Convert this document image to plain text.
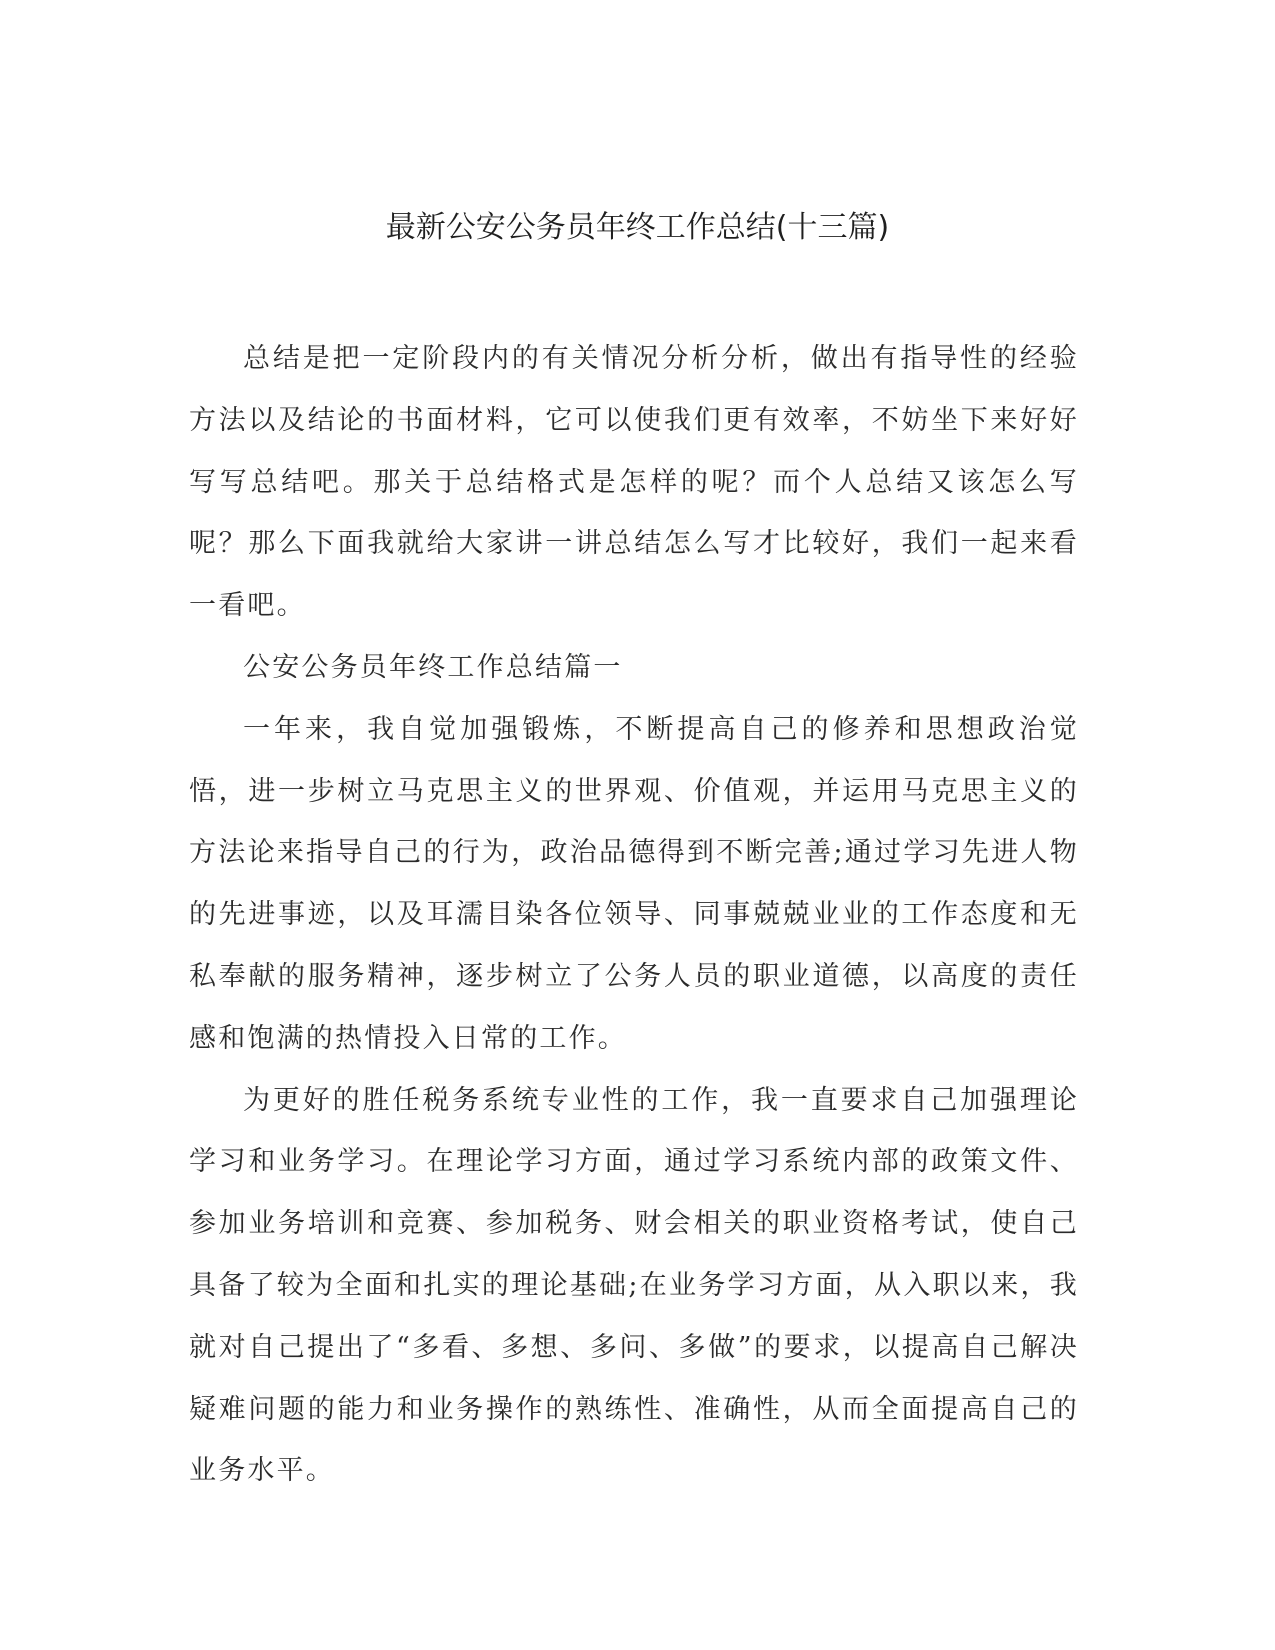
最新公安公务员年终工作总结(十三篇)

总结是把一定阶段内的有关情况分析分析，做出有指导性的经验方法以及结论的书面材料，它可以使我们更有效率，不妨坐下来好好写写总结吧。那关于总结格式是怎样的呢？而个人总结又该怎么写呢？那么下面我就给大家讲一讲总结怎么写才比较好，我们一起来看一看吧。

公安公务员年终工作总结篇一

一年来，我自觉加强锻炼，不断提高自己的修养和思想政治觉悟，进一步树立马克思主义的世界观、价值观，并运用马克思主义的方法论来指导自己的行为，政治品德得到不断完善;通过学习先进人物的先进事迹，以及耳濡目染各位领导、同事兢兢业业的工作态度和无私奉献的服务精神，逐步树立了公务人员的职业道德，以高度的责任感和饱满的热情投入日常的工作。

为更好的胜任税务系统专业性的工作，我一直要求自己加强理论学习和业务学习。在理论学习方面，通过学习系统内部的政策文件、参加业务培训和竞赛、参加税务、财会相关的职业资格考试，使自己具备了较为全面和扎实的理论基础;在业务学习方面，从入职以来，我就对自己提出了“多看、多想、多问、多做”的要求，以提高自己解决疑难问题的能力和业务操作的熟练性、准确性，从而全面提高自己的业务水平。
